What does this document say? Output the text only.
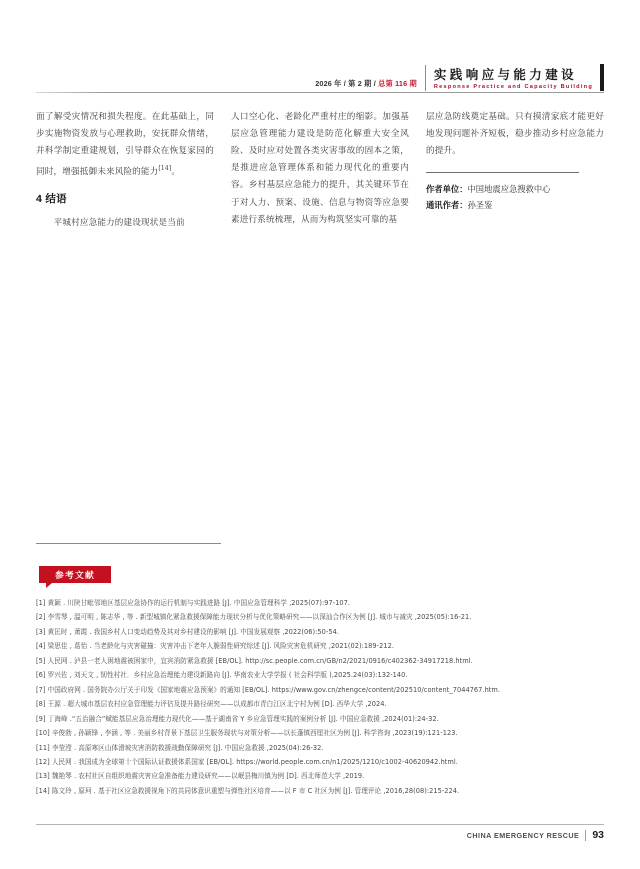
2026 年 / 第 2 期 / 总第 116 期
实践响应与能力建设
Response Practice and Capacity Building

面了解受灾情况和损失程度。在此基础上，同步实施物资发放与心理救助，安抚群众情绪，并科学制定重建规划，引导群众在恢复家园的同时，增强抵御未来风险的能力[14]。

4 结语

平城村应急能力的建设现状是当前

人口空心化、老龄化严重村庄的缩影。加强基层应急管理能力建设是防范化解重大安全风险、及时应对处置各类灾害事故的固本之策，是推进应急管理体系和能力现代化的重要内容。乡村基层应急能力的提升，其关键环节在于对人力、预案、设施、信息与物资等应急要素进行系统梳理，从而为构筑坚实可靠的基

层应急防线奠定基础。只有摸清家底才能更好地发现问题补齐短板，稳步推动乡村应急能力的提升。

作者单位：中国地震应急搜救中心
通讯作者：孙圣鉴
参考文献
[1] 黄颖 . 川陕甘毗邻地区基层应急协作的运行机制与实践进路 [J]. 中国应急管理科学 ,2025(07):97-107.
[2] 李雪琴 , 温可明 , 陈志华 , 等 . 新型城镇化紧急救援保障能力现状分析与优化策略研究——以深汕合作区为例 [J]. 城市与减灾 ,2025(05):16-21.
[3] 黄匡时 , 萧霞 . 我国乡村人口变动趋势及其对乡村建设的影响 [J]. 中国发展观察 ,2022(06):50-54.
[4] 梁思佳 , 葛怡 . 当老龄化与灾害碰撞：灾害冲击下老年人脆弱性研究综述 [J]. 风险灾害危机研究 ,2021(02):189-212.
[5] 人民网 . 泸县一老人困地震被困家中，宜宾消防紧急救援 [EB/OL]. http://sc.people.com.cn/GB/n2/2021/0916/c402362-34917218.html.
[6] 罗兴佐 , 刘天文 , 韧性村社．乡村应急治理能力建设新路向 [J]. 华南农业大学学报 ( 社会科学版 ),2025.24(03):132-140.
[7] 中国政府网 . 国务院办公厅关于印发《国家地震应急预案》的通知 [EB/OL]. https://www.gov.cn/zhengce/content/202510/content_7044767.htm.
[8] 王源 . 超大城市基层农村应急管理能力评估及提升路径研究——以成都市青白江区北宁村为例 [D]. 西华大学 ,2024.
[9] 丁海峰 .“五治融合”赋能基层应急治理能力现代化——基于湖南省 Y 乡应急管理实践的案例分析 [J]. 中国应急救援 ,2024(01):24-32.
[10] 辛俊勃 , 孙颖锋 , 李涵 , 等 . 美丽乡村背景下基层卫生服务现状与对策分析——以长蓬镇西厘社区为例 [J]. 科学咨询 ,2023(19):121-123.
[11] 李莹滢 . 高原寒区山体滑坡灾害消防救援战勤保障研究 [J]. 中国应急救援 ,2025(04):26-32.
[12] 人民网 . 我国成为全球第十个国际认证救援体系国家 [EB/OL]. https://world.people.com.cn/n1/2025/1210/c1002-40620942.html.
[13] 魏艳琴 . 农村社区自组织地震灾害应急准备能力建设研究——以岷县梅川镇为例 [D]. 西北师范大学 ,2019.
[14] 陈文玲 , 原珂 . 基于社区应急救援视角下的共同体意识重塑与弹性社区培育——以 F 市 C 社区为例 [J]. 管理评论 ,2016,28(08):215-224.
CHINA EMERGENCY RESCUE 93
